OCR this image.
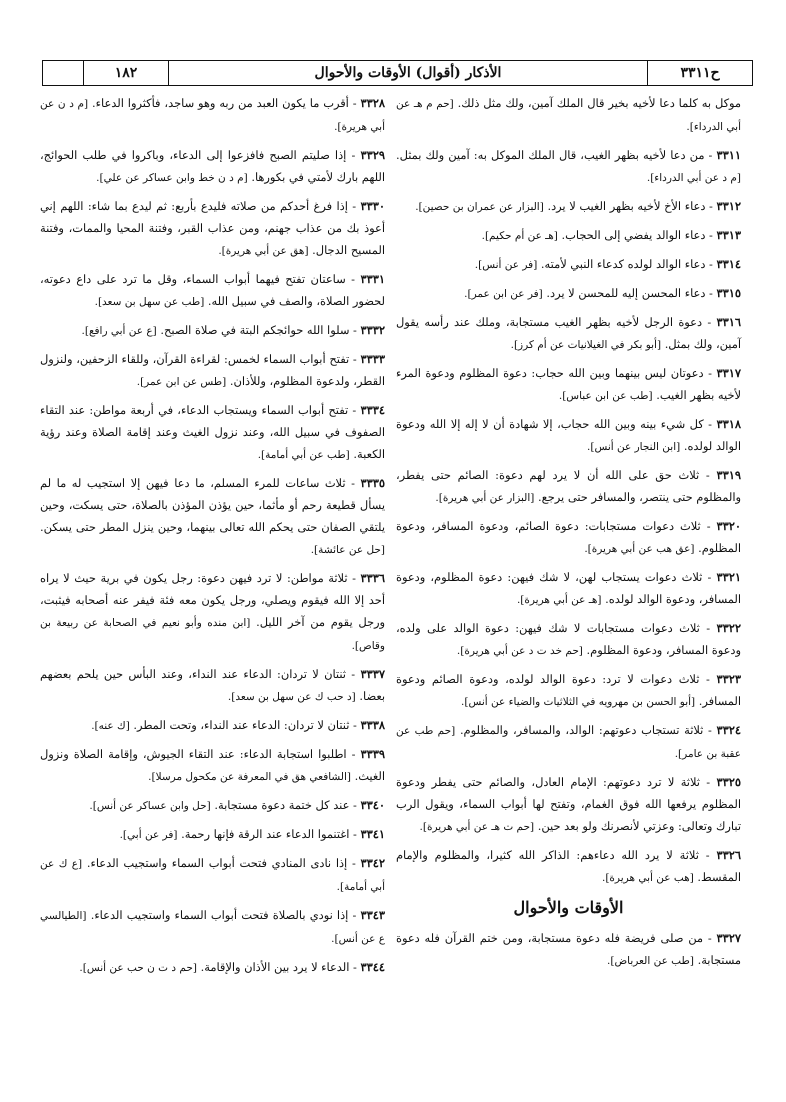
ح٣٣١١
الأذكار (أقوال) الأوقات والأحوال
١٨٢

موكل به كلما دعا لأخيه بخير قال الملك آمين، ولك مثل ذلك. [حم م هـ عن أبي الدرداء].

٣٣١١ - من دعا لأخيه بظهر الغيب، قال الملك الموكل به: آمين ولك بمثل. [م د عن أبي الدرداء].

٣٣١٢ - دعاء الأخ لأخيه بظهر الغيب لا يرد. [البزار عن عمران بن حصين].

٣٣١٣ - دعاء الوالد يفضي إلى الحجاب. [هـ عن أم حكيم].

٣٣١٤ - دعاء الوالد لولده كدعاء النبي لأمته. [فر عن أنس].

٣٣١٥ - دعاء المحسن إليه للمحسن لا يرد. [فر عن ابن عمر].

٣٣١٦ - دعوة الرجل لأخيه بظهر الغيب مستجابة، وملك عند رأسه يقول آمين، ولك بمثل. [أبو بكر في الغيلانيات عن أم كرز].

٣٣١٧ - دعوتان ليس بينهما وبين الله حجاب: دعوة المظلوم ودعوة المرء لأخيه بظهر الغيب. [طب عن ابن عباس].

٣٣١٨ - كل شيء بينه وبين الله حجاب، إلا شهادة أن لا إله إلا الله ودعوة الوالد لولده. [ابن النجار عن أنس].

٣٣١٩ - ثلاث حق على الله أن لا يرد لهم دعوة: الصائم حتى يفطر، والمظلوم حتى ينتصر، والمسافر حتى يرجع. [البزار عن أبي هريرة].

٣٣٢٠ - ثلاث دعوات مستجابات: دعوة الصائم، ودعوة المسافر، ودعوة المظلوم. [عق هب عن أبي هريرة].

٣٣٢١ - ثلاث دعوات يستجاب لهن، لا شك فيهن: دعوة المظلوم، ودعوة المسافر، ودعوة الوالد لولده. [هـ عن أبي هريرة].

٣٣٢٢ - ثلاث دعوات مستجابات لا شك فيهن: دعوة الوالد على ولده، ودعوة المسافر، ودعوة المظلوم. [حم خد ت د عن أبي هريرة].

٣٣٢٣ - ثلاث دعوات لا ترد: دعوة الوالد لولده، ودعوة الصائم ودعوة المسافر. [أبو الحسن بن مهرويه في الثلاثيات والضياء عن أنس].

٣٣٢٤ - ثلاثة تستجاب دعوتهم: الوالد، والمسافر، والمظلوم. [حم طب عن عقبة بن عامر].

٣٣٢٥ - ثلاثة لا ترد دعوتهم: الإمام العادل، والصائم حتى يفطر ودعوة المظلوم يرفعها الله فوق الغمام، وتفتح لها أبواب السماء، ويقول الرب تبارك وتعالى: وعزتي لأنصرنك ولو بعد حين. [حم ت هـ عن أبي هريرة].

٣٣٢٦ - ثلاثة لا يرد الله دعاءهم: الذاكر الله كثيرا، والمظلوم والإمام المقسط. [هب عن أبي هريرة].

الأوقات والأحوال

٣٣٢٧ - من صلى فريضة فله دعوة مستجابة، ومن ختم القرآن فله دعوة مستجابة. [طب عن العرباض].

٣٣٢٨ - أقرب ما يكون العبد من ربه وهو ساجد، فأكثروا الدعاء. [م د ن عن أبي هريرة].

٣٣٢٩ - إذا صليتم الصبح فافزعوا إلى الدعاء، وباكروا في طلب الحوائج، اللهم بارك لأمتي في بكورها. [م د ن خط وابن عساكر عن علي].

٣٣٣٠ - إذا فرغ أحدكم من صلاته فليدع بأربع: ثم ليدع بما شاء: اللهم إني أعوذ بك من عذاب جهنم، ومن عذاب القبر، وفتنة المحيا والممات، وفتنة المسيح الدجال. [هق عن أبي هريرة].

٣٣٣١ - ساعتان تفتح فيهما أبواب السماء، وقل ما ترد على داع دعوته، لحضور الصلاة، والصف في سبيل الله. [طب عن سهل بن سعد].

٣٣٣٢ - سلوا الله حوائجكم البتة في صلاة الصبح. [ع عن أبي رافع].

٣٣٣٣ - تفتح أبواب السماء لخمس: لقراءة القرآن، وللقاء الزحفين، ولنزول القطر، ولدعوة المظلوم، وللأذان. [طس عن ابن عمر].

٣٣٣٤ - تفتح أبواب السماء ويستجاب الدعاء، في أربعة مواطن: عند التقاء الصفوف في سبيل الله، وعند نزول الغيث وعند إقامة الصلاة وعند رؤية الكعبة. [طب عن أبي أمامة].

٣٣٣٥ - ثلاث ساعات للمرء المسلم، ما دعا فيهن إلا استجيب له ما لم يسأل قطيعة رحم أو مأثما، حين يؤذن المؤذن بالصلاة، حتى يسكت، وحين يلتقي الصفان حتى يحكم الله تعالى بينهما، وحين ينزل المطر حتى يسكن. [حل عن عائشة].

٣٣٣٦ - ثلاثة مواطن: لا ترد فيهن دعوة: رجل يكون في برية حيث لا يراه أحد إلا الله فيقوم ويصلي، ورجل يكون معه فئة فيفر عنه أصحابه فيثبت، ورجل يقوم من آخر الليل. [ابن منده وأبو نعيم في الصحابة عن ربيعة بن وقاص].

٣٣٣٧ - ثنتان لا تردان: الدعاء عند النداء، وعند البأس حين يلحم بعضهم بعضا. [د حب ك عن سهل بن سعد].

٣٣٣٨ - ثنتان لا تردان: الدعاء عند النداء، وتحت المطر. [ك عنه].

٣٣٣٩ - اطلبوا استجابة الدعاء: عند التقاء الجيوش، وإقامة الصلاة ونزول الغيث. [الشافعي هق في المعرفة عن مكحول مرسلا].

٣٣٤٠ - عند كل ختمة دعوة مستجابة. [حل وابن عساكر عن أنس].

٣٣٤١ - اغتنموا الدعاء عند الرقة فإنها رحمة. [فر عن أبي].

٣٣٤٢ - إذا نادى المنادي فتحت أبواب السماء واستجيب الدعاء. [ع ك عن أبي أمامة].

٣٣٤٣ - إذا نودي بالصلاة فتحت أبواب السماء واستجيب الدعاء. [الطيالسي ع عن أنس].

٣٣٤٤ - الدعاء لا يرد بين الأذان والإقامة. [حم د ت ن حب عن أنس].
